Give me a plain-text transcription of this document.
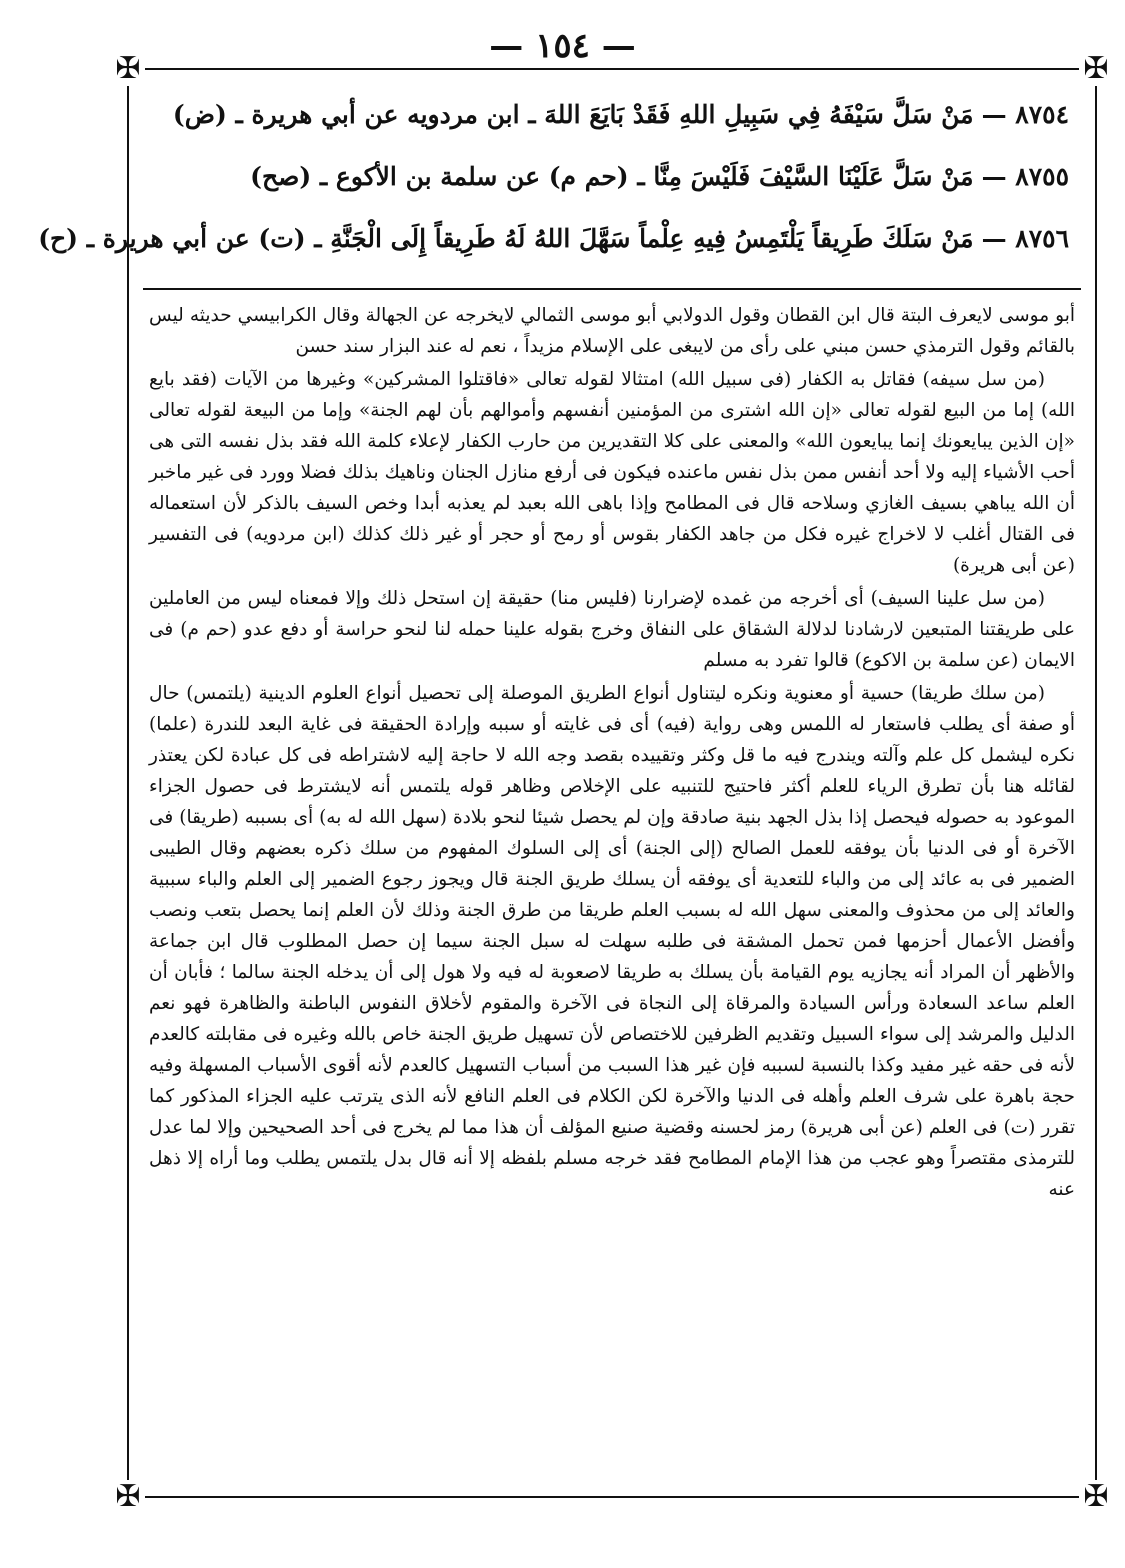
— ١٥٤ —
✠	✠
✠	✠
٨٧٥٤ —مَنْ سَلَّ سَيْفَهُ فِي سَبِيلِ اللهِ فَقَدْ بَايَعَ اللهَ ـ ابن مردويه عن أبي هريرة ـ (ض)
٨٧٥٥ —مَنْ سَلَّ عَلَيْنَا السَّيْفَ فَلَيْسَ مِنَّا ـ (حم م) عن سلمة بن الأكوع ـ (صح)
٨٧٥٦ —مَنْ سَلَكَ طَرِيقاً يَلْتَمِسُ فِيهِ عِلْماً سَهَّلَ اللهُ لَهُ طَرِيقاً إِلَى الْجَنَّةِ ـ (ت) عن أبي هريرة ـ (ح)

أبو موسى لايعرف البتة قال ابن القطان وقول الدولابي أبو موسى الثمالي لايخرجه عن الجهالة وقال الكرابيسي حديثه ليس بالقائم وقول الترمذي حسن مبني على رأى من لايبغى على الإسلام مزيداً ، نعم له عند البزار سند حسن

(من سل سيفه) فقاتل به الكفار (فى سبيل الله) امتثالا لقوله تعالى «فاقتلوا المشركين» وغيرها من الآيات (فقد بايع الله) إما من البيع لقوله تعالى «إن الله اشترى من المؤمنين أنفسهم وأموالهم بأن لهم الجنة» وإما من البيعة لقوله تعالى «إن الذين يبايعونك إنما يبايعون الله» والمعنى على كلا التقديرين من حارب الكفار لإعلاء كلمة الله فقد بذل نفسه التى هى أحب الأشياء إليه ولا أحد أنفس ممن بذل نفس ماعنده فيكون فى أرفع منازل الجنان وناهيك بذلك فضلا وورد فى غير ماخبر أن الله يباهي بسيف الغازي وسلاحه قال فى المطامح وإذا باهى الله بعبد لم يعذبه أبدا وخص السيف بالذكر لأن استعماله فى القتال أغلب لا لاخراج غيره فكل من جاهد الكفار بقوس أو رمح أو حجر أو غير ذلك كذلك (ابن مردويه) فى التفسير (عن أبى هريرة)

(من سل علينا السيف) أى أخرجه من غمده لإضرارنا (فليس منا) حقيقة إن استحل ذلك وإلا فمعناه ليس من العاملين على طريقتنا المتبعين لارشادنا لدلالة الشقاق على النفاق وخرج بقوله علينا حمله لنا لنحو حراسة أو دفع عدو (حم م) فى الايمان (عن سلمة بن الاكوع) قالوا تفرد به مسلم

(من سلك طريقا) حسية أو معنوية ونكره ليتناول أنواع الطريق الموصلة إلى تحصيل أنواع العلوم الدينية (يلتمس) حال أو صفة أى يطلب فاستعار له اللمس وهى رواية (فيه) أى فى غايته أو سببه وإرادة الحقيقة فى غاية البعد للندرة (علما) نكره ليشمل كل علم وآلته ويندرج فيه ما قل وكثر وتقييده بقصد وجه الله لا حاجة إليه لاشتراطه فى كل عبادة لكن يعتذر لقائله هنا بأن تطرق الرياء للعلم أكثر فاحتيج للتنبيه على الإخلاص وظاهر قوله يلتمس أنه لايشترط فى حصول الجزاء الموعود به حصوله فيحصل إذا بذل الجهد بنية صادقة وإن لم يحصل شيئا لنحو بلادة (سهل الله له به) أى بسببه (طريقا) فى الآخرة أو فى الدنيا بأن يوفقه للعمل الصالح (إلى الجنة) أى إلى السلوك المفهوم من سلك ذكره بعضهم وقال الطيبى الضمير فى به عائد إلى من والباء للتعدية أى يوفقه أن يسلك طريق الجنة قال ويجوز رجوع الضمير إلى العلم والباء سببية والعائد إلى من محذوف والمعنى سهل الله له بسبب العلم طريقا من طرق الجنة وذلك لأن العلم إنما يحصل بتعب ونصب وأفضل الأعمال أحزمها فمن تحمل المشقة فى طلبه سهلت له سبل الجنة سيما إن حصل المطلوب قال ابن جماعة والأظهر أن المراد أنه يجازيه يوم القيامة بأن يسلك به طريقا لاصعوبة له فيه ولا هول إلى أن يدخله الجنة سالما ؛ فأبان أن العلم ساعد السعادة ورأس السيادة والمرقاة إلى النجاة فى الآخرة والمقوم لأخلاق النفوس الباطنة والظاهرة فهو نعم الدليل والمرشد إلى سواء السبيل وتقديم الظرفين للاختصاص لأن تسهيل طريق الجنة خاص بالله وغيره فى مقابلته كالعدم لأنه فى حقه غير مفيد وكذا بالنسبة لسببه فإن غير هذا السبب من أسباب التسهيل كالعدم لأنه أقوى الأسباب المسهلة وفيه حجة باهرة على شرف العلم وأهله فى الدنيا والآخرة لكن الكلام فى العلم النافع لأنه الذى يترتب عليه الجزاء المذكور كما تقرر (ت) فى العلم (عن أبى هريرة) رمز لحسنه وقضية صنيع المؤلف أن هذا مما لم يخرج فى أحد الصحيحين وإلا لما عدل للترمذى مقتصراً وهو عجب من هذا الإمام المطامح فقد خرجه مسلم بلفظه إلا أنه قال بدل يلتمس يطلب وما أراه إلا ذهل عنه
